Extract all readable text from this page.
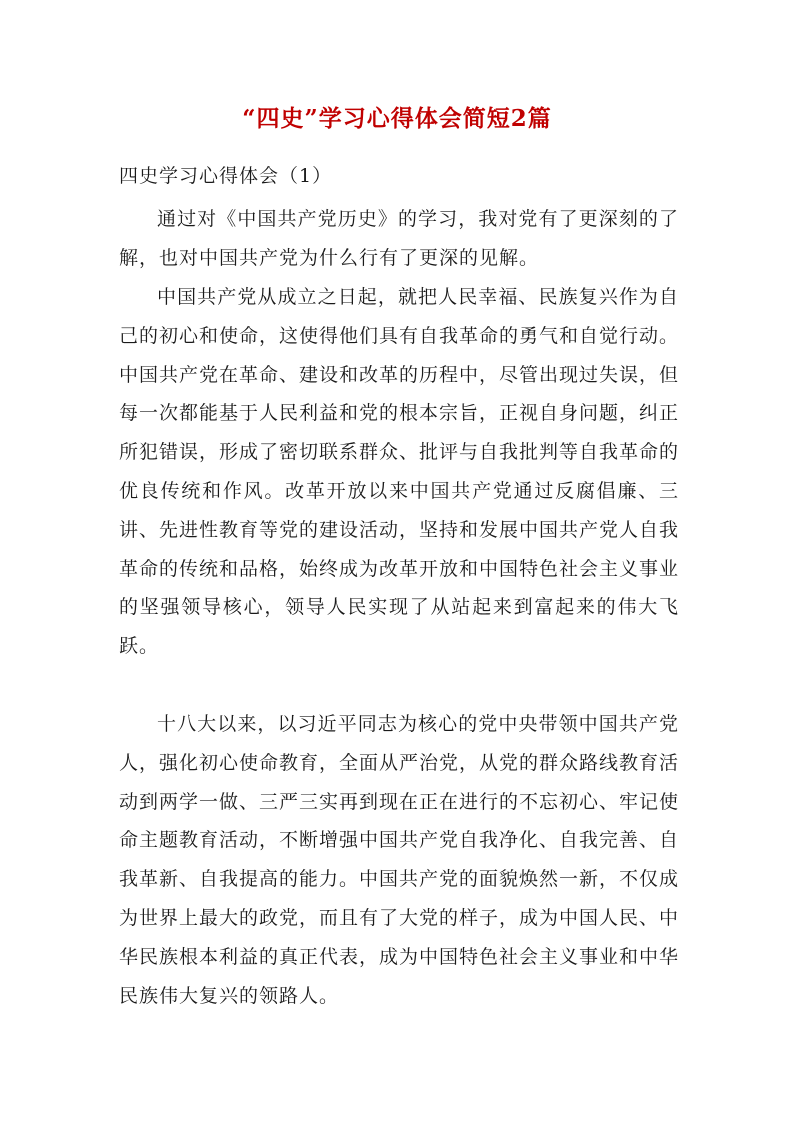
“四史”学习心得体会简短2篇

四史学习心得体会（1）

通过对《中国共产党历史》的学习，我对党有了更深刻的了解，也对中国共产党为什么行有了更深的见解。

中国共产党从成立之日起，就把人民幸福、民族复兴作为自己的初心和使命，这使得他们具有自我革命的勇气和自觉行动。中国共产党在革命、建设和改革的历程中，尽管出现过失误，但每一次都能基于人民利益和党的根本宗旨，正视自身问题，纠正所犯错误，形成了密切联系群众、批评与自我批判等自我革命的优良传统和作风。改革开放以来中国共产党通过反腐倡廉、三讲、先进性教育等党的建设活动，坚持和发展中国共产党人自我革命的传统和品格，始终成为改革开放和中国特色社会主义事业的坚强领导核心，领导人民实现了从站起来到富起来的伟大飞跃。

十八大以来，以习近平同志为核心的党中央带领中国共产党人，强化初心使命教育，全面从严治党，从党的群众路线教育活动到两学一做、三严三实再到现在正在进行的不忘初心、牢记使命主题教育活动，不断增强中国共产党自我净化、自我完善、自我革新、自我提高的能力。中国共产党的面貌焕然一新，不仅成为世界上最大的政党，而且有了大党的样子，成为中国人民、中华民族根本利益的真正代表，成为中国特色社会主义事业和中华民族伟大复兴的领路人。
